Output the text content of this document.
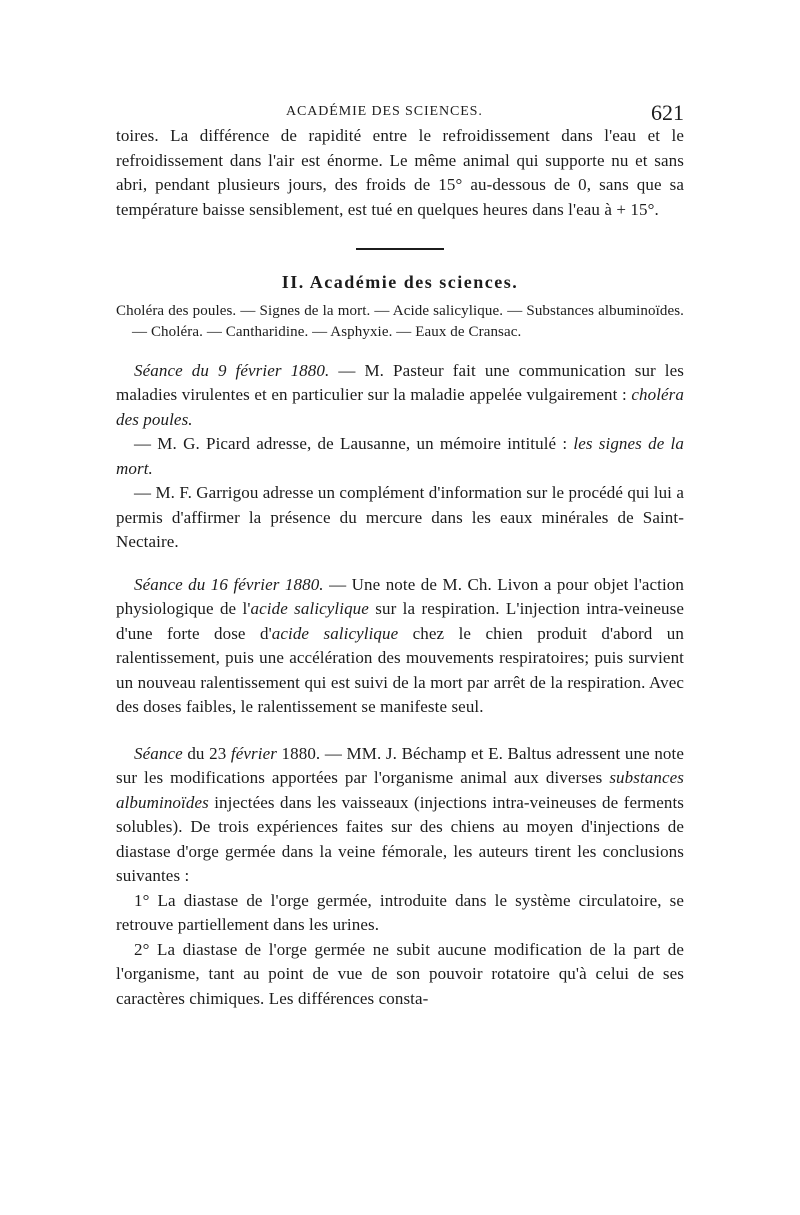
ACADÉMIE DES SCIENCES.	621

toires. La différence de rapidité entre le refroidissement dans l'eau et le refroidissement dans l'air est énorme. Le même animal qui supporte nu et sans abri, pendant plusieurs jours, des froids de 15° au-dessous de 0, sans que sa température baisse sensiblement, est tué en quelques heures dans l'eau à + 15°.

II. Académie des sciences.
Choléra des poules. — Signes de la mort. — Acide salicylique. — Substances albuminoïdes. — Choléra. — Cantharidine. — Asphyxie. — Eaux de Cransac.

Séance du 9 février 1880. — M. Pasteur fait une communication sur les maladies virulentes et en particulier sur la maladie appelée vulgairement : choléra des poules.

— M. G. Picard adresse, de Lausanne, un mémoire intitulé : les signes de la mort.

— M. F. Garrigou adresse un complément d'information sur le procédé qui lui a permis d'affirmer la présence du mercure dans les eaux minérales de Saint-Nectaire.

Séance du 16 février 1880. — Une note de M. Ch. Livon a pour objet l'action physiologique de l'acide salicylique sur la respiration. L'injection intra-veineuse d'une forte dose d'acide salicylique chez le chien produit d'abord un ralentissement, puis une accélération des mouvements respiratoires; puis survient un nouveau ralentissement qui est suivi de la mort par arrêt de la respiration. Avec des doses faibles, le ralentissement se manifeste seul.

Séance du 23 février 1880. — MM. J. Béchamp et E. Baltus adressent une note sur les modifications apportées par l'organisme animal aux diverses substances albuminoïdes injectées dans les vaisseaux (injections intra-veineuses de ferments solubles). De trois expériences faites sur des chiens au moyen d'injections de diastase d'orge germée dans la veine fémorale, les auteurs tirent les conclusions suivantes :

1° La diastase de l'orge germée, introduite dans le système circulatoire, se retrouve partiellement dans les urines.

2° La diastase de l'orge germée ne subit aucune modification de la part de l'organisme, tant au point de vue de son pouvoir rotatoire qu'à celui de ses caractères chimiques. Les différences consta-
